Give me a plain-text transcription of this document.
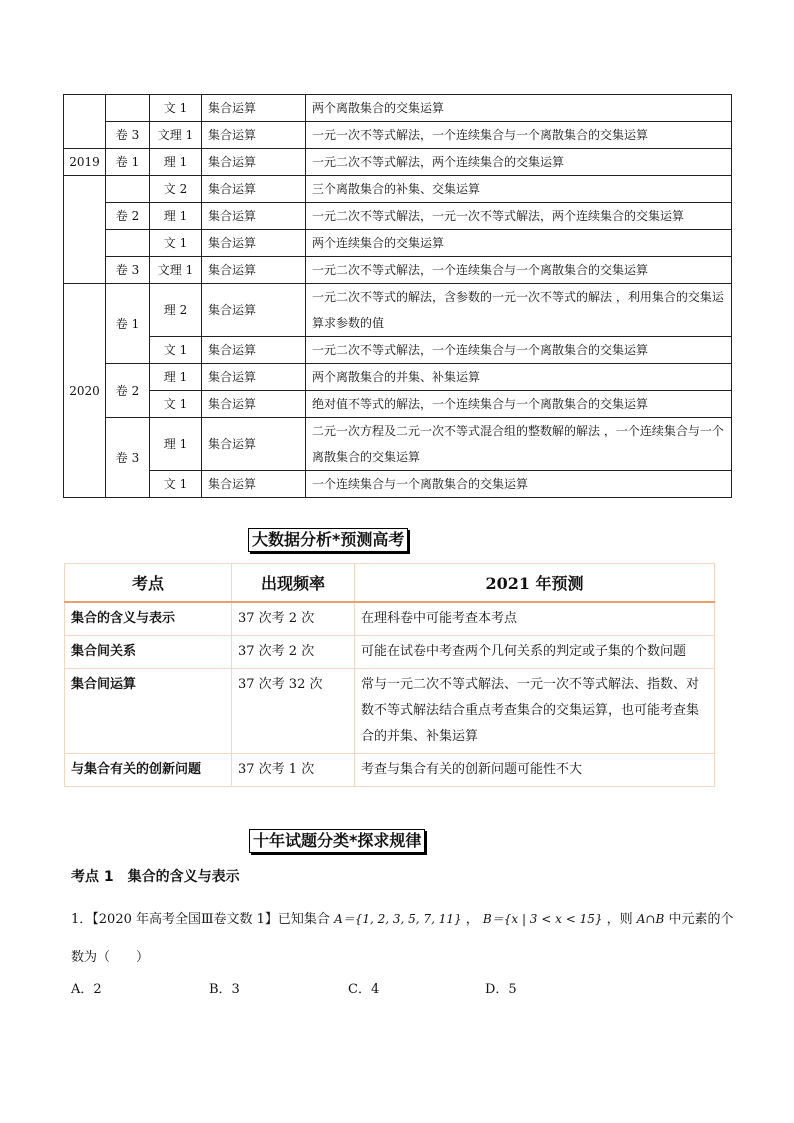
		文 1	集合运算	两个离散集合的交集运算
	卷 3	文理 1	集合运算	一元一次不等式解法，一个连续集合与一个离散集合的交集运算
2019	卷 1	理 1	集合运算	一元二次不等式解法，两个连续集合的交集运算
		文 2	集合运算	三个离散集合的补集、交集运算
	卷 2	理 1	集合运算	一元二次不等式解法，一元一次不等式解法，两个连续集合的交集运算
		文 1	集合运算	两个连续集合的交集运算
	卷 3	文理 1	集合运算	一元二次不等式解法，一个连续集合与一个离散集合的交集运算
2020	卷 1	理 2	集合运算	一元二次不等式的解法，含参数的一元一次不等式的解法 ，利用集合的交集运算求参数的值
		文 1	集合运算	一元二次不等式解法，一个连续集合与一个离散集合的交集运算
	卷 2	理 1	集合运算	两个离散集合的并集、补集运算
		文 1	集合运算	绝对值不等式的解法，一个连续集合与一个离散集合的交集运算
	卷 3	理 1	集合运算	二元一次方程及二元一次不等式混合组的整数解的解法 ，一个连续集合与一个离散集合的交集运算
		文 1	集合运算	一个连续集合与一个离散集合的交集运算
大数据分析*预测高考
考点	出现频率	2021 年预测
集合的含义与表示	37 次考 2 次	在理科卷中可能考查本考点
集合间关系	37 次考 2 次	可能在试卷中考查两个几何关系的判定或子集的个数问题
集合间运算	37 次考 32 次	常与一元二次不等式解法、一元一次不等式解法、指数、对数不等式解法结合重点考查集合的交集运算，也可能考查集合的并集、补集运算
与集合有关的创新问题	37 次考 1 次	考查与集合有关的创新问题可能性不大
十年试题分类*探求规律
考点 1　集合的含义与表示
1．【2020 年高考全国Ⅲ卷文数 1】已知集合 A＝{1, 2, 3, 5, 7, 11} ， B＝{x | 3 < x < 15} ，则 A∩B 中元素的个
数为（　　）
A．2	B．3	C．4	D．5
